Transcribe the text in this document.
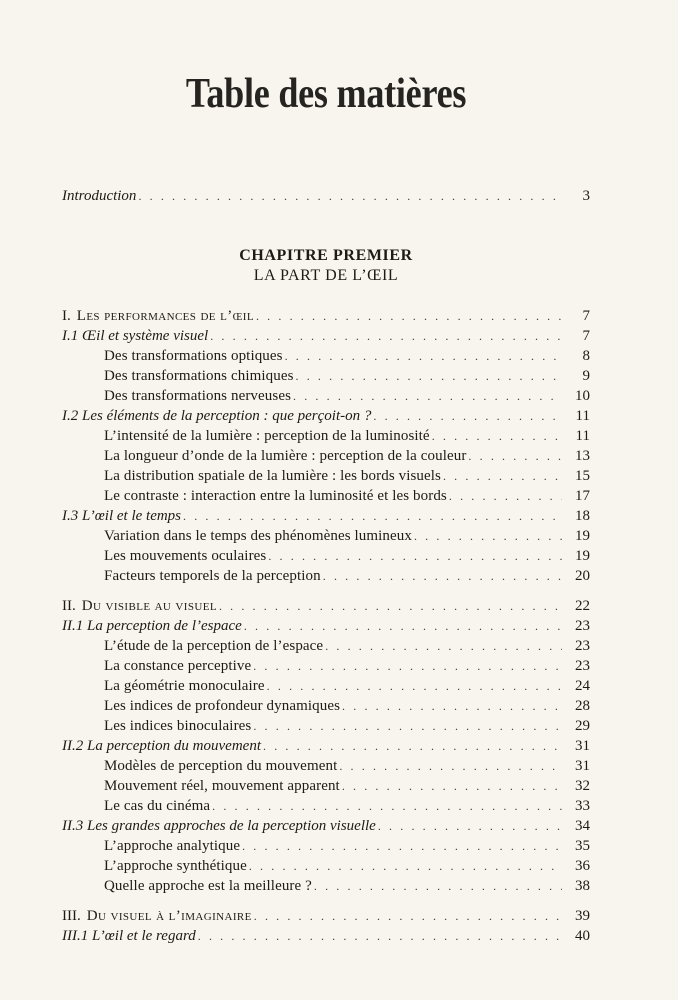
Table des matières
Introduction . . .	3
CHAPITRE PREMIER
LA PART DE L’ŒIL
I. Les performances de l’œil . . .	7
I.1 Œil et système visuel . . .	7
Des transformations optiques . . .	8
Des transformations chimiques . . .	9
Des transformations nerveuses . . .	10
I.2 Les éléments de la perception : que perçoit-on ? . . .	11
L’intensité de la lumière : perception de la luminosité . . .	11
La longueur d’onde de la lumière : perception de la couleur . . .	13
La distribution spatiale de la lumière : les bords visuels . . .	15
Le contraste : interaction entre la luminosité et les bords . . .	17
I.3 L’œil et le temps . . .	18
Variation dans le temps des phénomènes lumineux . . .	19
Les mouvements oculaires . . .	19
Facteurs temporels de la perception . . .	20
II. Du visible au visuel . . .	22
II.1 La perception de l’espace . . .	23
L’étude de la perception de l’espace . . .	23
La constance perceptive . . .	23
La géométrie monoculaire . . .	24
Les indices de profondeur dynamiques . . .	28
Les indices binoculaires . . .	29
II.2 La perception du mouvement . . .	31
Modèles de perception du mouvement . . .	31
Mouvement réel, mouvement apparent . . .	32
Le cas du cinéma . . .	33
II.3 Les grandes approches de la perception visuelle . . .	34
L’approche analytique . . .	35
L’approche synthétique . . .	36
Quelle approche est la meilleure ? . . .	38
III. Du visuel à l’imaginaire . . .	39
III.1 L’œil et le regard . . .	40
